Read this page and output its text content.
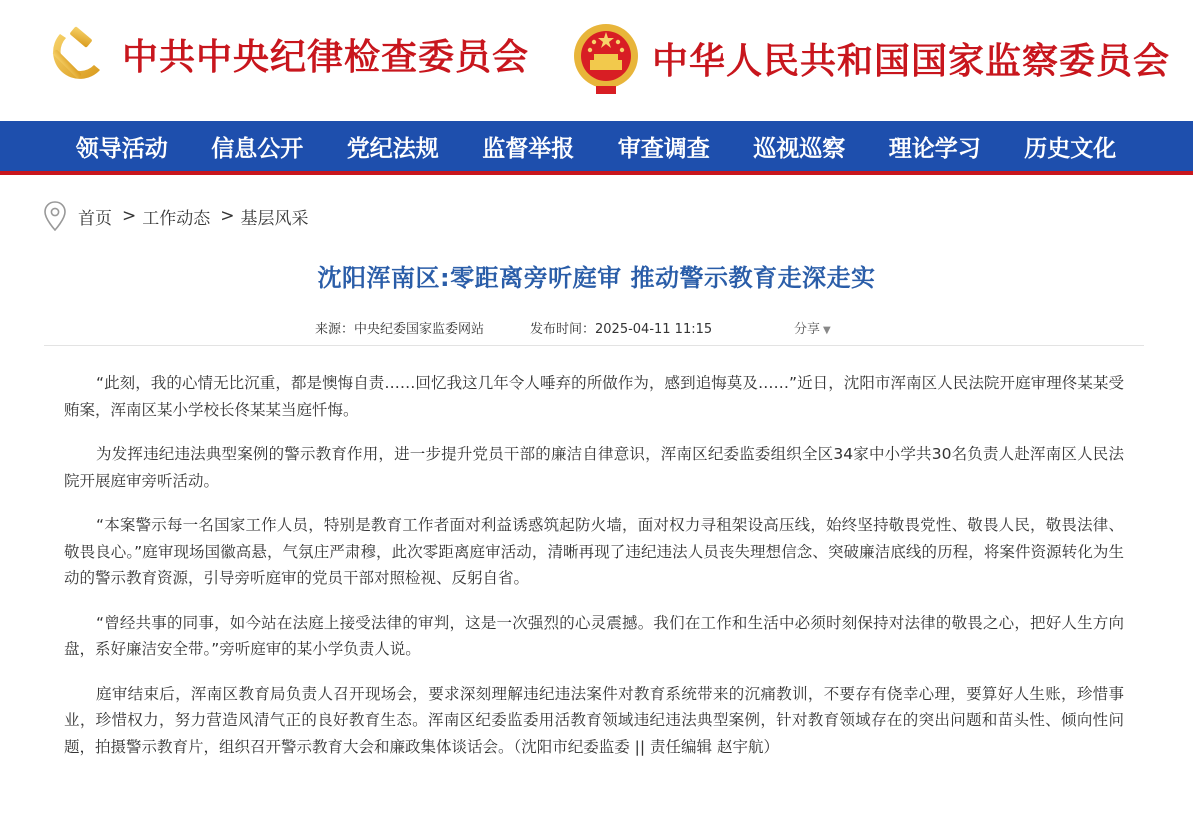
中共中央纪律检查委员会	中华人民共和国国家监察委员会
领导活动	信息公开	党纪法规	监督举报	审查调查	巡视巡察	理论学习	历史文化
首页 > 工作动态 > 基层风采
沈阳浑南区:零距离旁听庭审 推动警示教育走深走实
来源：中央纪委国家监委网站	发布时间：2025-04-11 11:15	分享 ▼

“此刻，我的心情无比沉重，都是懊悔自责……回忆我这几年令人唾弃的所做作为，感到追悔莫及……”近日，沈阳市浑南区人民法院开庭审理佟某某受贿案，浑南区某小学校长佟某某当庭忏悔。

为发挥违纪违法典型案例的警示教育作用，进一步提升党员干部的廉洁自律意识，浑南区纪委监委组织全区34家中小学共30名负责人赴浑南区人民法院开展庭审旁听活动。

“本案警示每一名国家工作人员，特别是教育工作者面对利益诱惑筑起防火墙，面对权力寻租架设高压线，始终坚持敬畏党性、敬畏人民，敬畏法律、敬畏良心。”庭审现场国徽高悬，气氛庄严肃穆，此次零距离庭审活动，清晰再现了违纪违法人员丧失理想信念、突破廉洁底线的历程，将案件资源转化为生动的警示教育资源，引导旁听庭审的党员干部对照检视、反躬自省。

“曾经共事的同事，如今站在法庭上接受法律的审判，这是一次强烈的心灵震撼。我们在工作和生活中必须时刻保持对法律的敬畏之心，把好人生方向盘，系好廉洁安全带。”旁听庭审的某小学负责人说。

庭审结束后，浑南区教育局负责人召开现场会，要求深刻理解违纪违法案件对教育系统带来的沉痛教训，不要存有侥幸心理，要算好人生账，珍惜事业，珍惜权力，努力营造风清气正的良好教育生态。浑南区纪委监委用活教育领域违纪违法典型案例，针对教育领域存在的突出问题和苗头性、倾向性问题，拍摄警示教育片，组织召开警示教育大会和廉政集体谈话会。（沈阳市纪委监委 || 责任编辑 赵宇航）
